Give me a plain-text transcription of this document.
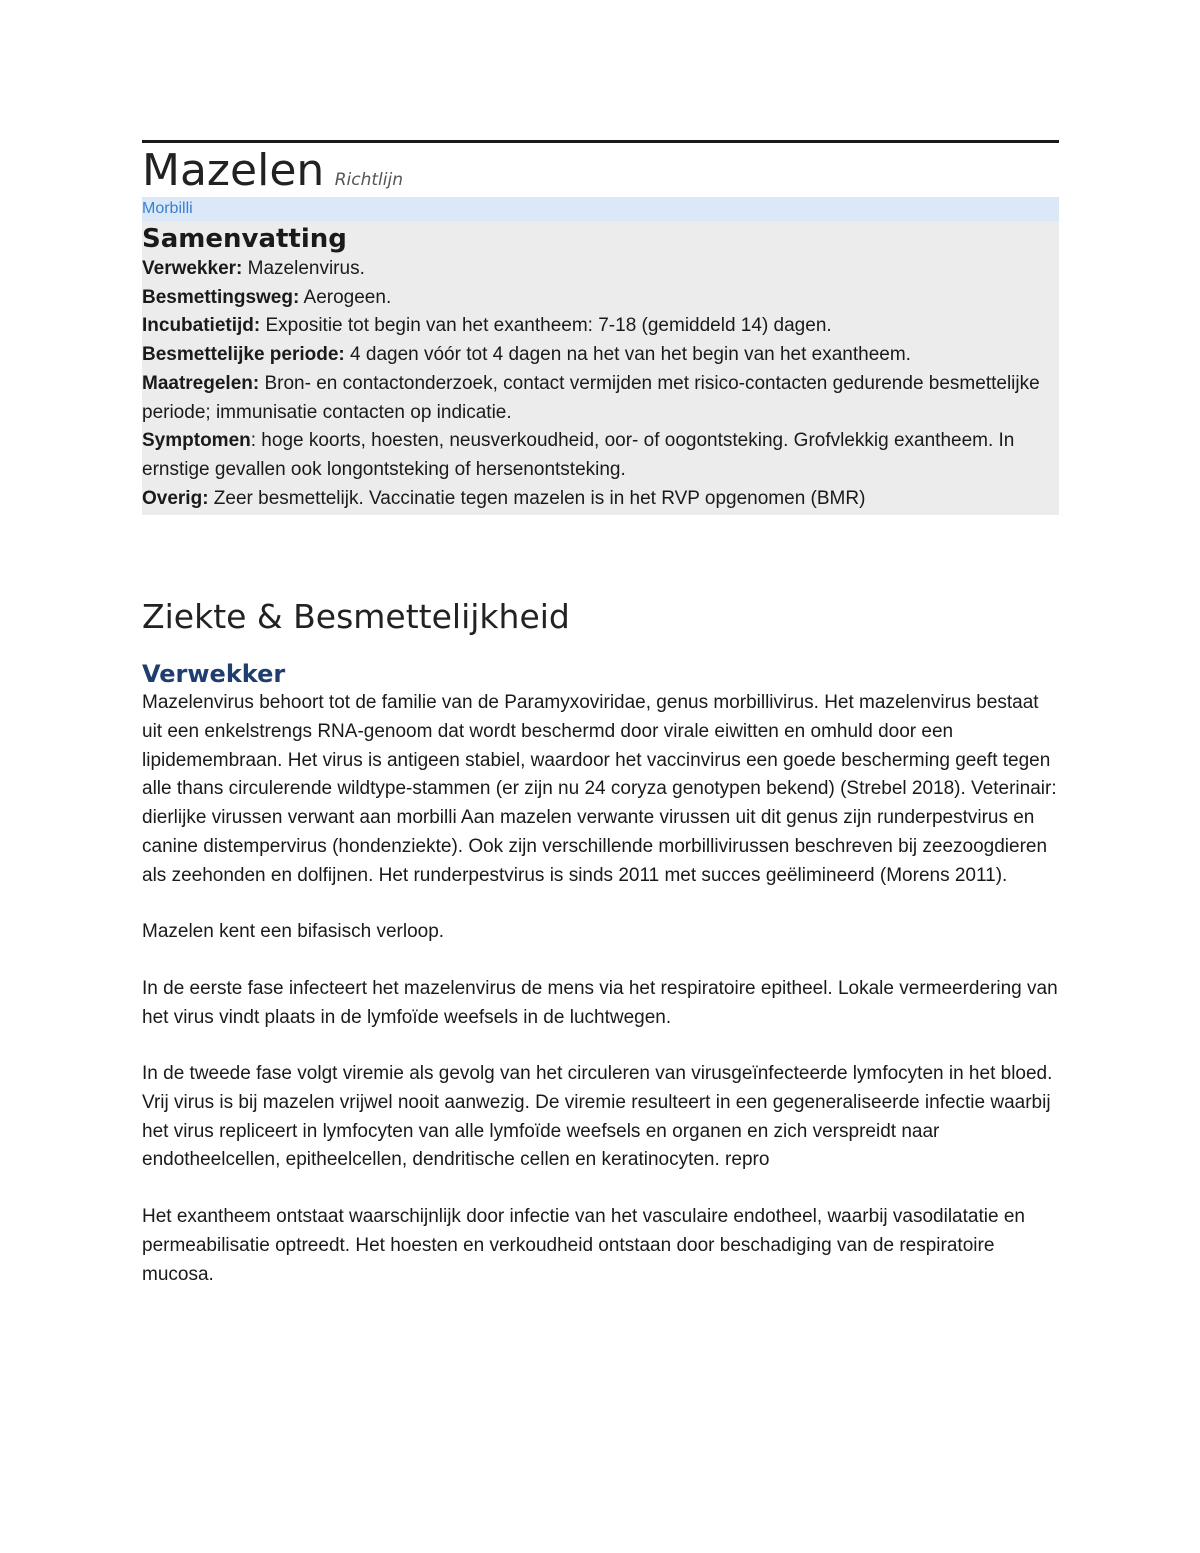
Mazelen Richtlijn
Morbilli
Samenvatting
Verwekker: Mazelenvirus.
Besmettingsweg: Aerogeen.
Incubatietijd: Expositie tot begin van het exantheem: 7-18 (gemiddeld 14) dagen.
Besmettelijke periode: 4 dagen vóór tot 4 dagen na het van het begin van het exantheem.
Maatregelen: Bron- en contactonderzoek, contact vermijden met risico-contacten gedurende besmettelijke periode; immunisatie contacten op indicatie.
Symptomen: hoge koorts, hoesten, neusverkoudheid, oor- of oogontsteking. Grofvlekkig exantheem. In ernstige gevallen ook longontsteking of hersenontsteking.
Overig: Zeer besmettelijk. Vaccinatie tegen mazelen is in het RVP opgenomen (BMR)
Ziekte & Besmettelijkheid
Verwekker

Mazelenvirus behoort tot de familie van de Paramyxoviridae, genus morbillivirus. Het mazelenvirus bestaat uit een enkelstrengs RNA-genoom dat wordt beschermd door virale eiwitten en omhuld door een lipidemembraan. Het virus is antigeen stabiel, waardoor het vaccinvirus een goede bescherming geeft tegen alle thans circulerende wildtype-stammen (er zijn nu 24 coryza genotypen bekend) (Strebel 2018). Veterinair: dierlijke virussen verwant aan morbilli Aan mazelen verwante virussen uit dit genus zijn runderpestvirus en canine distempervirus (hondenziekte). Ook zijn verschillende morbillivirussen beschreven bij zeezoogdieren als zeehonden en dolfijnen. Het runderpestvirus is sinds 2011 met succes geëlimineerd (Morens 2011).

Mazelen kent een bifasisch verloop.

In de eerste fase infecteert het mazelenvirus de mens via het respiratoire epitheel. Lokale vermeerdering van het virus vindt plaats in de lymfoïde weefsels in de luchtwegen.

In de tweede fase volgt viremie als gevolg van het circuleren van virusgeïnfecteerde lymfocyten in het bloed. Vrij virus is bij mazelen vrijwel nooit aanwezig. De viremie resulteert in een gegeneraliseerde infectie waarbij het virus repliceert in lymfocyten van alle lymfoïde weefsels en organen en zich verspreidt naar endotheelcellen, epitheelcellen, dendritische cellen en keratinocyten. repro

Het exantheem ontstaat waarschijnlijk door infectie van het vasculaire endotheel, waarbij vasodilatatie en permeabilisatie optreedt. Het hoesten en verkoudheid ontstaan door beschadiging van de respiratoire mucosa.
